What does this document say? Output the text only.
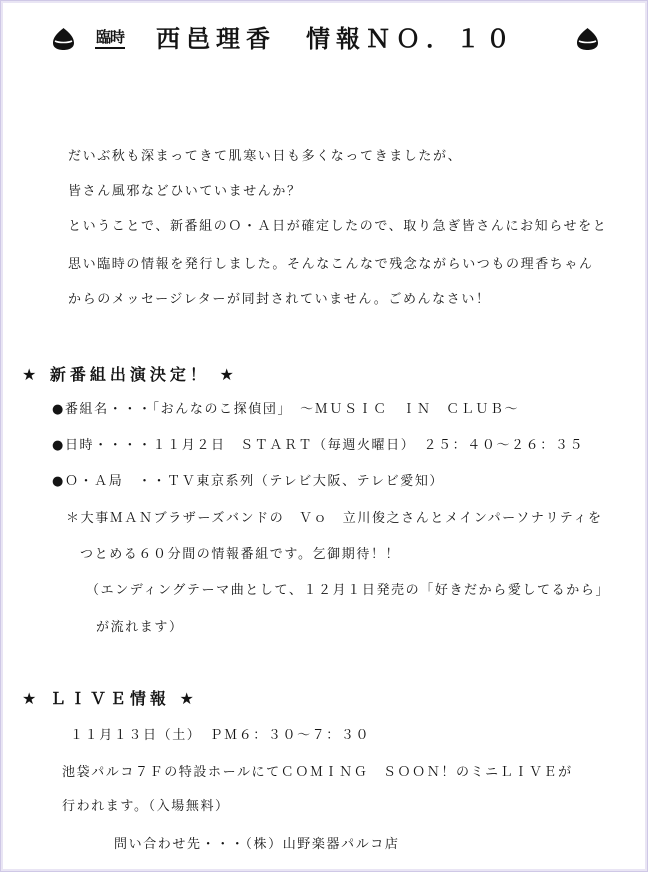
臨時 西邑理香　情報ＮＯ．１０
だいぶ秋も深まってきて肌寒い日も多くなってきましたが、
皆さん風邪などひいていませんか？
ということで、新番組のＯ・Ａ日が確定したので、取り急ぎ皆さんにお知らせをと
思い臨時の情報を発行しました。そんなこんなで残念ながらいつもの理香ちゃん
からのメッセージレターが同封されていません。ごめんなさい！
★ 新番組出演決定！ ★
●番組名・・・「おんなのこ探偵団」　～ＭＵＳＩＣ　ＩＮ　ＣＬＵＢ～
●日時・・・・１１月２日　ＳＴＡＲＴ（毎週火曜日）　２５：４０～２６：３５
●Ｏ・Ａ局　・・ＴＶ東京系列（テレビ大阪、テレビ愛知）
＊大事ＭＡＮブラザーズバンドの　Ｖｏ　立川俊之さんとメインパーソナリティを
つとめる６０分間の情報番組です。乞御期待！！
（エンディングテーマ曲として、１２月１日発売の「好きだから愛してるから」
が流れます）
★ ＬＩＶＥ情報 ★
１１月１３日（土）　ＰＭ６：３０～７：３０
池袋パルコ７Ｆの特設ホールにてＣＯＭＩＮＧ　ＳＯＯＮ！のミニＬＩＶＥが
行われます。（入場無料）
問い合わせ先・・・（株）山野楽器パルコ店
